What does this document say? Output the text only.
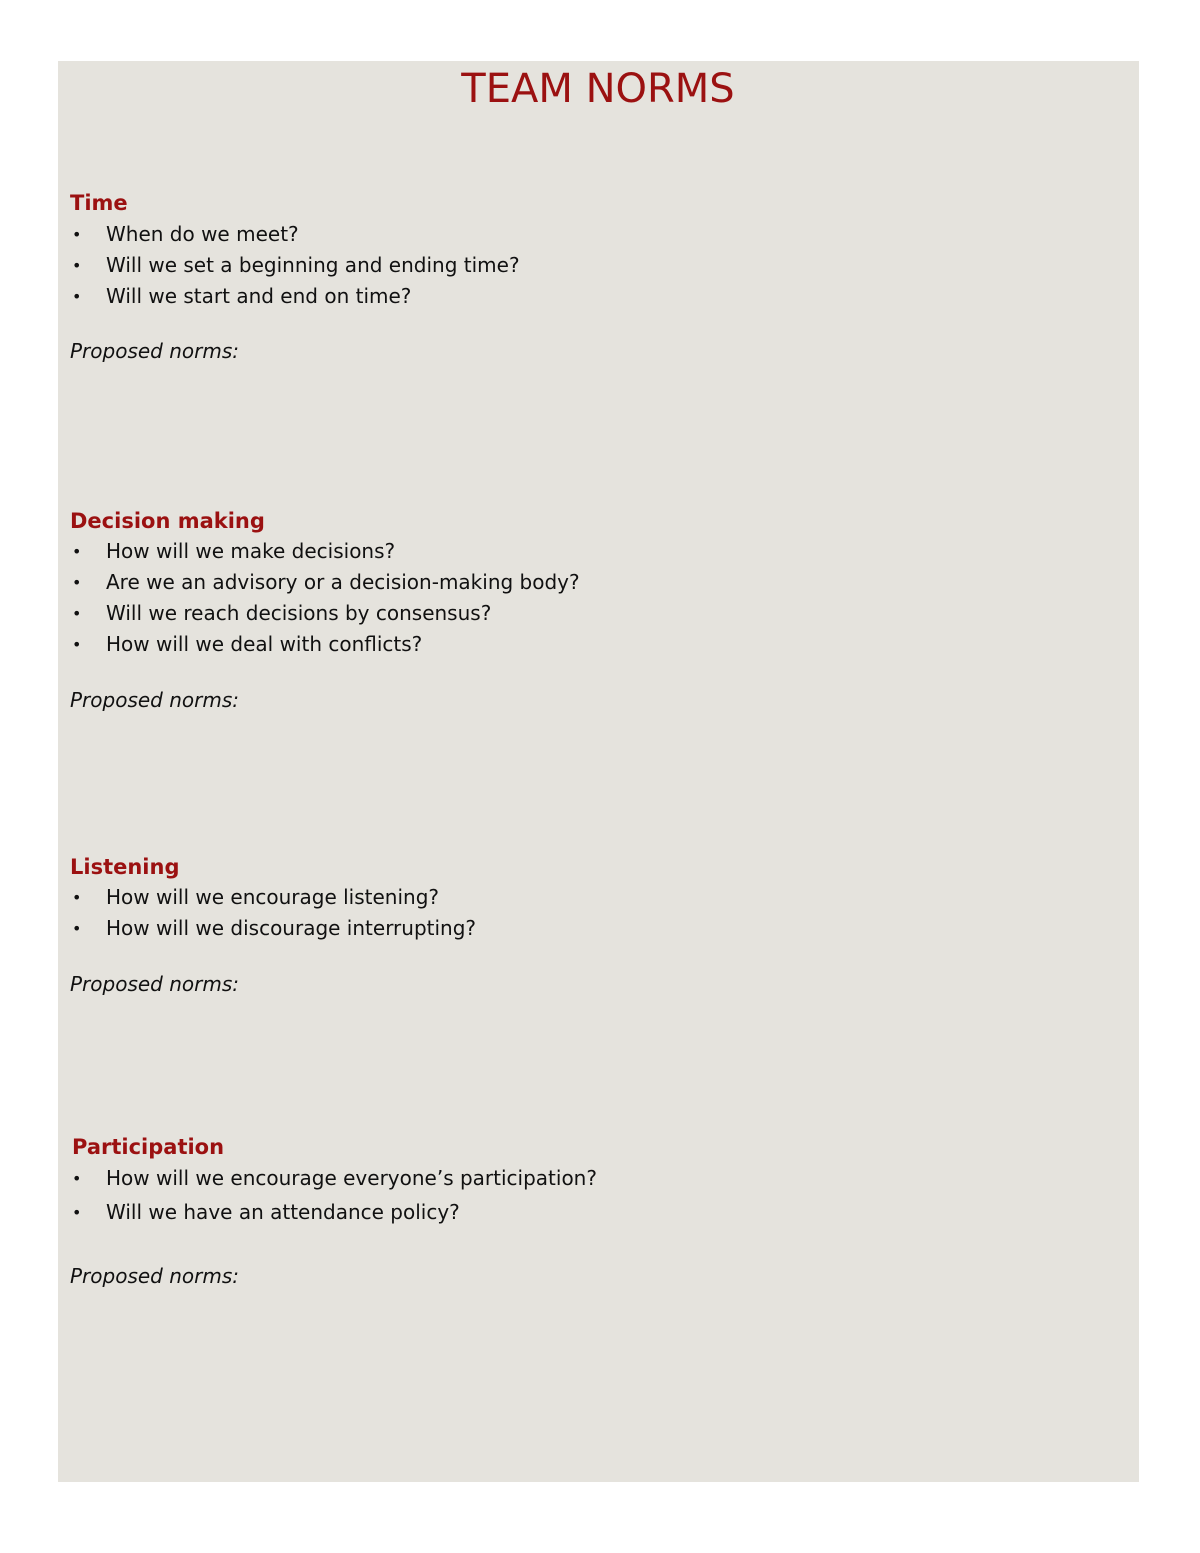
TEAM NORMS
Time
• When do we meet?
• Will we set a beginning and ending time?
• Will we start and end on time?
Proposed norms:
Decision making
• How will we make decisions?
• Are we an advisory or a decision-making body?
• Will we reach decisions by consensus?
• How will we deal with conflicts?
Proposed norms:
Listening
• How will we encourage listening?
• How will we discourage interrupting?
Proposed norms:
Participation
• How will we encourage everyone’s participation?
• Will we have an attendance policy?
Proposed norms:
